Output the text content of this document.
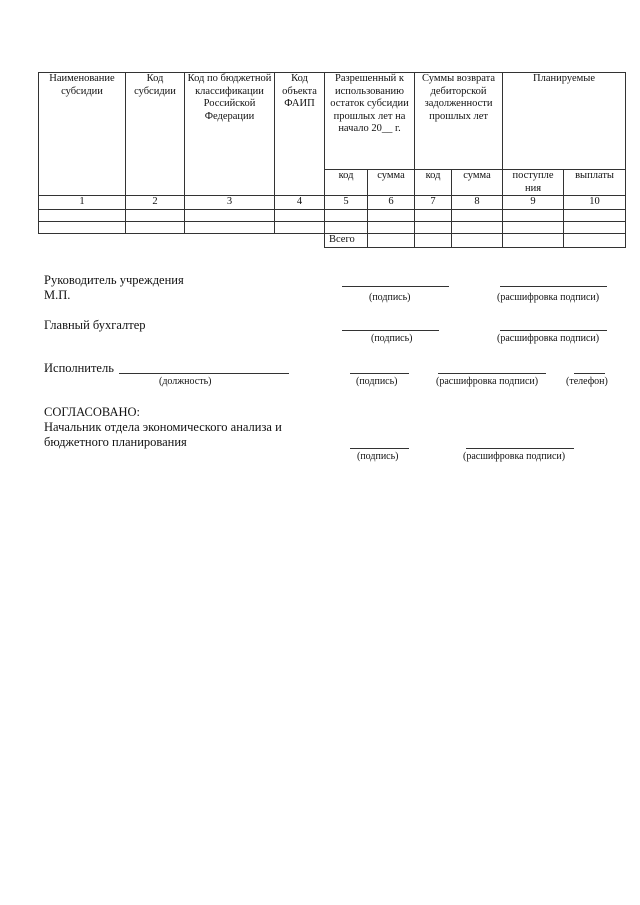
Наименование субсидии	Код субсидии	Код по бюджетной классификации Российской Федерации	Код объекта ФАИП	Разрешенный к использованию остаток субсидии прошлых лет на начало 20__ г.		Суммы возврата дебиторской задолженности прошлых лет		Планируемые	
				код	сумма	код	сумма	поступле ния	выплаты
1	2	3	4	5	6	7	8	9	10

				Всего					
Руководитель учреждения
М.П.	(подпись)	(расшифровка подписи)
Главный бухгалтер
(подпись)	(расшифровка подписи)
Исполнитель
(должность)	(подпись)	(расшифровка подписи)	(телефон)
СОГЛАСОВАНО:
Начальник отдела экономического анализа и
бюджетного планирования
(подпись)	(расшифровка подписи)
